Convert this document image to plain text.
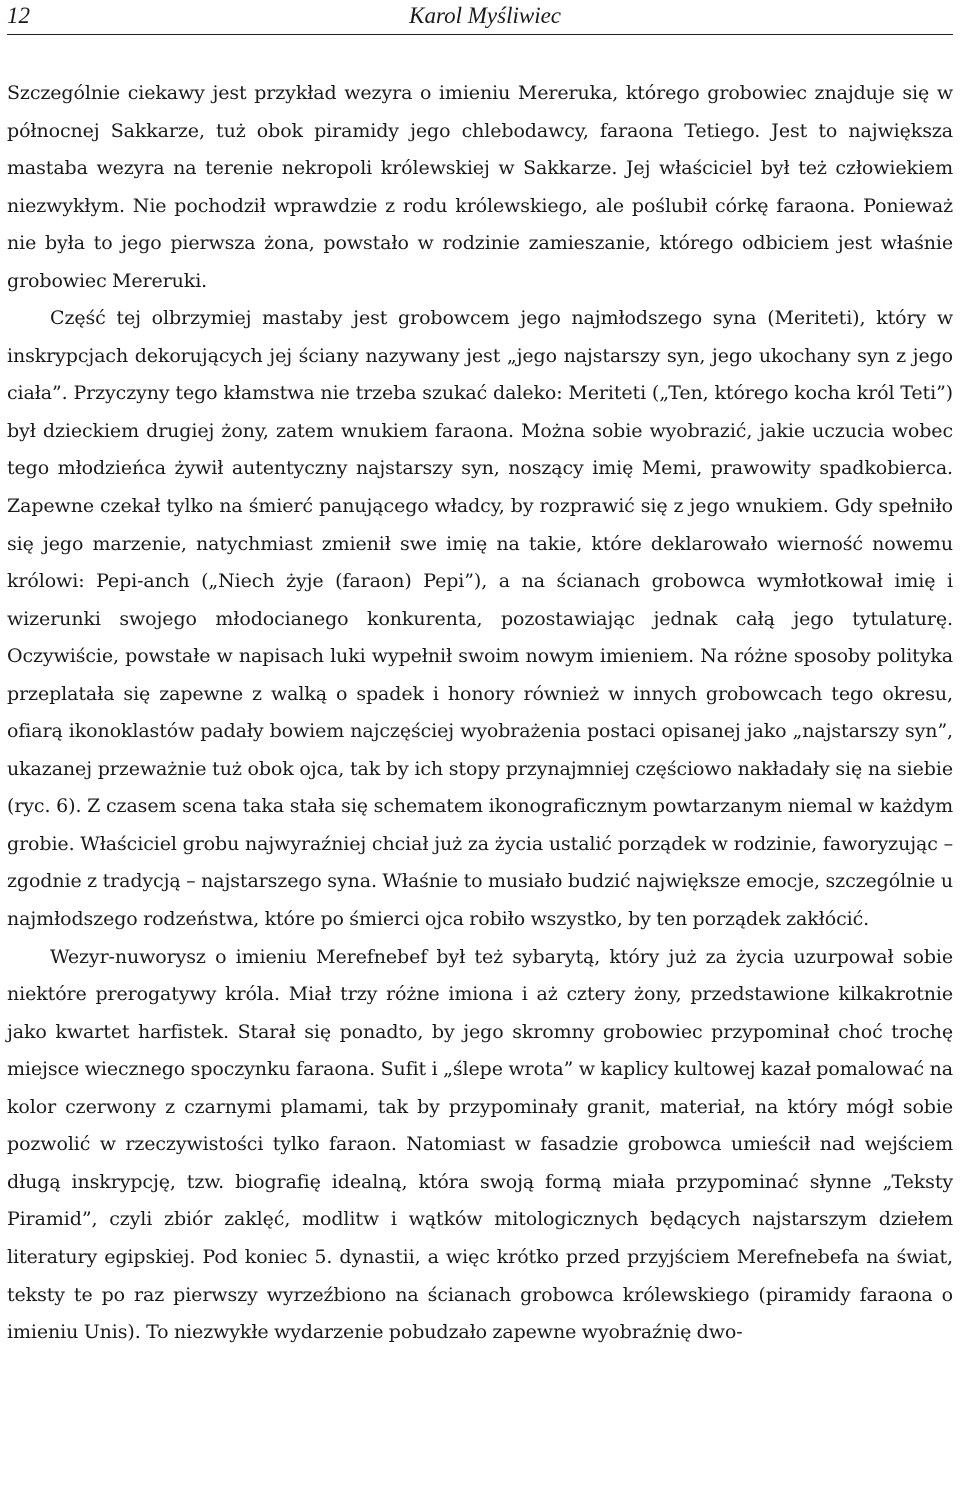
12	Karol Myśliwiec

Szczególnie ciekawy jest przykład wezyra o imieniu Mereruka, którego grobowiec znajduje się w północnej Sakkarze, tuż obok piramidy jego chlebodawcy, faraona Tetiego. Jest to największa mastaba wezyra na terenie nekropoli królewskiej w Sakkarze. Jej właściciel był też człowiekiem niezwykłym. Nie pochodził wprawdzie z rodu królewskiego, ale poślubił córkę faraona. Ponieważ nie była to jego pierwsza żona, powstało w rodzinie zamieszanie, którego odbiciem jest właśnie grobowiec Mereruki.

Część tej olbrzymiej mastaby jest grobowcem jego najmłodszego syna (Meriteti), który w inskrypcjach dekorujących jej ściany nazywany jest „jego najstarszy syn, jego ukochany syn z jego ciała”. Przyczyny tego kłamstwa nie trzeba szukać daleko: Meriteti („Ten, którego kocha król Teti”) był dzieckiem drugiej żony, zatem wnukiem faraona. Można sobie wyobrazić, jakie uczucia wobec tego młodzieńca żywił autentyczny najstarszy syn, noszący imię Memi, prawowity spadkobierca. Zapewne czekał tylko na śmierć panującego władcy, by rozprawić się z jego wnukiem. Gdy spełniło się jego marzenie, natychmiast zmienił swe imię na takie, które deklarowało wierność nowemu królowi: Pepi-anch („Niech żyje (faraon) Pepi”), a na ścianach grobowca wymłotkował imię i wizerunki swojego młodocianego konkurenta, pozostawiając jednak całą jego tytulaturę. Oczywiście, powstałe w napisach luki wypełnił swoim nowym imieniem. Na różne sposoby polityka przeplatała się zapewne z walką o spadek i honory również w innych grobowcach tego okresu, ofiarą ikonoklastów padały bowiem najczęściej wyobrażenia postaci opisanej jako „najstarszy syn”, ukazanej przeważnie tuż obok ojca, tak by ich stopy przynajmniej częściowo nakładały się na siebie (ryc. 6). Z czasem scena taka stała się schematem ikonograficznym powtarzanym niemal w każdym grobie. Właściciel grobu najwyraźniej chciał już za życia ustalić porządek w rodzinie, faworyzując – zgodnie z tradycją – najstarszego syna. Właśnie to musiało budzić największe emocje, szczególnie u najmłodszego rodzeństwa, które po śmierci ojca robiło wszystko, by ten porządek zakłócić.

Wezyr-nuworysz o imieniu Merefnebef był też sybarytą, który już za życia uzurpował sobie niektóre prerogatywy króla. Miał trzy różne imiona i aż cztery żony, przedstawione kilkakrotnie jako kwartet harfistek. Starał się ponadto, by jego skromny grobowiec przypominał choć trochę miejsce wiecznego spoczynku faraona. Sufit i „ślepe wrota” w kaplicy kultowej kazał pomalować na kolor czerwony z czarnymi plamami, tak by przypominały granit, materiał, na który mógł sobie pozwolić w rzeczywistości tylko faraon. Natomiast w fasadzie grobowca umieścił nad wejściem długą inskrypcję, tzw. biografię idealną, która swoją formą miała przypominać słynne „Teksty Piramid”, czyli zbiór zaklęć, modlitw i wątków mitologicznych będących najstarszym dziełem literatury egipskiej. Pod koniec 5. dynastii, a więc krótko przed przyjściem Merefnebefa na świat, teksty te po raz pierwszy wyrzeźbiono na ścianach grobowca królewskiego (piramidy faraona o imieniu Unis). To niezwykłe wydarzenie pobudzało zapewne wyobraźnię dwo-
